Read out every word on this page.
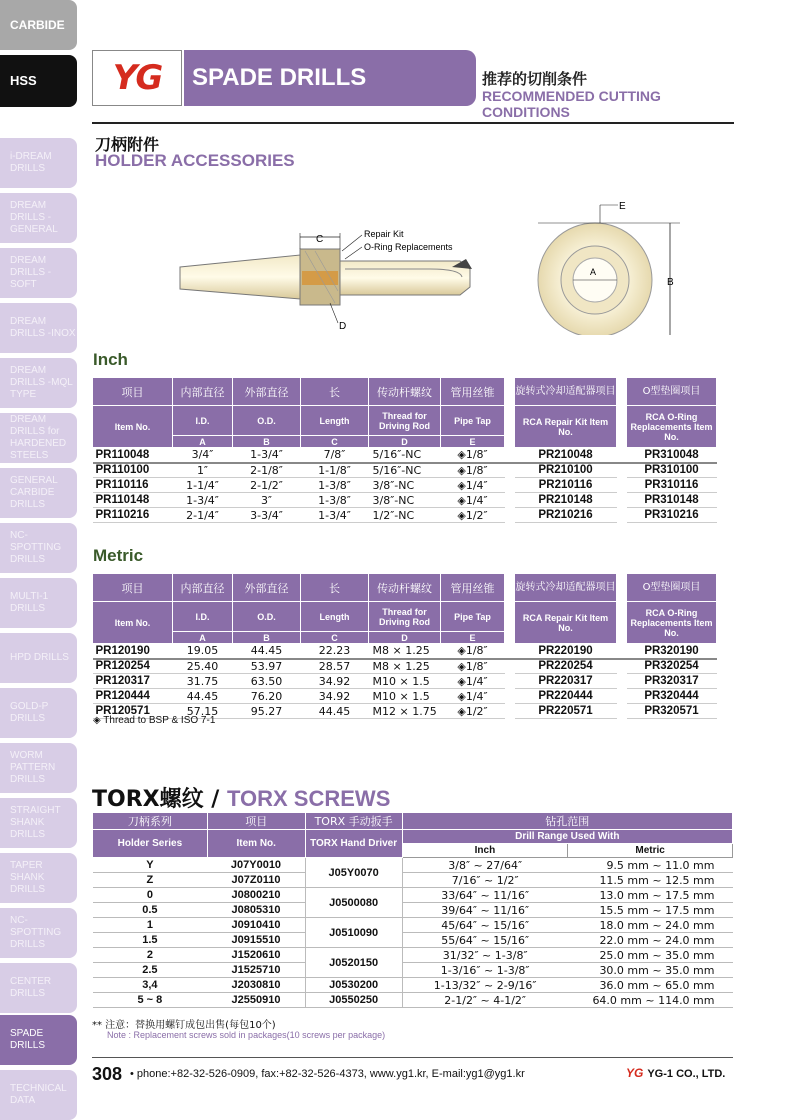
CARBIDE
HSS
i-DREAM DRILLS
DREAM DRILLS -GENERAL
DREAM DRILLS -SOFT
DREAM DRILLS -INOX
DREAM DRILLS -MQL TYPE
DREAM DRILLS for HARDENED STEELS
GENERAL CARBIDE DRILLS
NC-SPOTTING DRILLS
MULTI-1 DRILLS
HPD DRILLS
GOLD-P DRILLS
WORM PATTERN DRILLS
STRAIGHT SHANK DRILLS
TAPER SHANK DRILLS
NC-SPOTTING DRILLS
CENTER DRILLS
SPADE DRILLS
TECHNICAL DATA
YG	SPADE DRILLS	推荐的切削条件
RECOMMENDED CUTTING CONDITIONS
刀柄附件
HOLDER ACCESSORIES
C	Repair Kit
O-Ring Replacements
D
A
B
E
Inch
项目	内部直径	外部直径	长	传动杆螺纹	管用丝锥		旋转式冷却适配器项目		O型垫圈项目
Item No.	I.D.	O.D.	Length	Thread for Driving Rod	Pipe Tap		RCA Repair Kit Item No.		RCA O-Ring Replacements Item No.
	A	B	C	D	E				
PR110048	3/4″	1-3/4″	7/8″	5/16″-NC	◈1/8″		PR210048		PR310048
PR110100	1″	2-1/8″	1-1/8″	5/16″-NC	◈1/8″		PR210100		PR310100
PR110116	1-1/4″	2-1/2″	1-3/8″	3/8″-NC	◈1/4″		PR210116		PR310116
PR110148	1-3/4″	3″	1-3/8″	3/8″-NC	◈1/4″		PR210148		PR310148
PR110216	2-1/4″	3-3/4″	1-3/4″	1/2″-NC	◈1/2″		PR210216		PR310216
Metric
项目	内部直径	外部直径	长	传动杆螺纹	管用丝锥		旋转式冷却适配器项目		O型垫圈项目
Item No.	I.D.	O.D.	Length	Thread for Driving Rod	Pipe Tap		RCA Repair Kit Item No.		RCA O-Ring Replacements Item No.
	A	B	C	D	E				
PR120190	19.05	44.45	22.23	M8 × 1.25	◈1/8″		PR220190		PR320190
PR120254	25.40	53.97	28.57	M8 × 1.25	◈1/8″		PR220254		PR320254
PR120317	31.75	63.50	34.92	M10 × 1.5	◈1/4″		PR220317		PR320317
PR120444	44.45	76.20	34.92	M10 × 1.5	◈1/4″		PR220444		PR320444
PR120571	57.15	95.27	44.45	M12 × 1.75	◈1/2″		PR220571		PR320571
◈ Thread to BSP & ISO 7-1
TORX螺纹 / TORX SCREWS
刀柄系列	项目	TORX 手动扳手	钻孔范围	
Holder Series	Item No.	TORX Hand Driver	Drill Range Used With	
			Inch	Metric
Y	J07Y0010	J05Y0070	3/8″ ~ 27/64″	9.5 mm ~ 11.0 mm
Z	J07Z0110		7/16″ ~ 1/2″	11.5 mm ~ 12.5 mm
0	J0800210	J0500080	33/64″ ~ 11/16″	13.0 mm ~ 17.5 mm
0.5	J0805310		39/64″ ~ 11/16″	15.5 mm ~ 17.5 mm
1	J0910410	J0510090	45/64″ ~ 15/16″	18.0 mm ~ 24.0 mm
1.5	J0915510		55/64″ ~ 15/16″	22.0 mm ~ 24.0 mm
2	J1520610	J0520150	31/32″ ~ 1-3/8″	25.0 mm ~ 35.0 mm
2.5	J1525710		1-3/16″ ~ 1-3/8″	30.0 mm ~ 35.0 mm
3,4	J2030810	J0530200	1-13/32″ ~ 2-9/16″	36.0 mm ~ 65.0 mm
5 ~ 8	J2550910	J0550250	2-1/2″ ~ 4-1/2″	64.0 mm ~ 114.0 mm
** 注意：替换用螺钉成包出售(每包10个)
Note : Replacement screws sold in packages(10 screws per package)
308 • phone:+82-32-526-0909, fax:+82-32-526-4373, www.yg1.kr, E-mail:yg1@yg1.kr	YG YG-1 CO., LTD.
